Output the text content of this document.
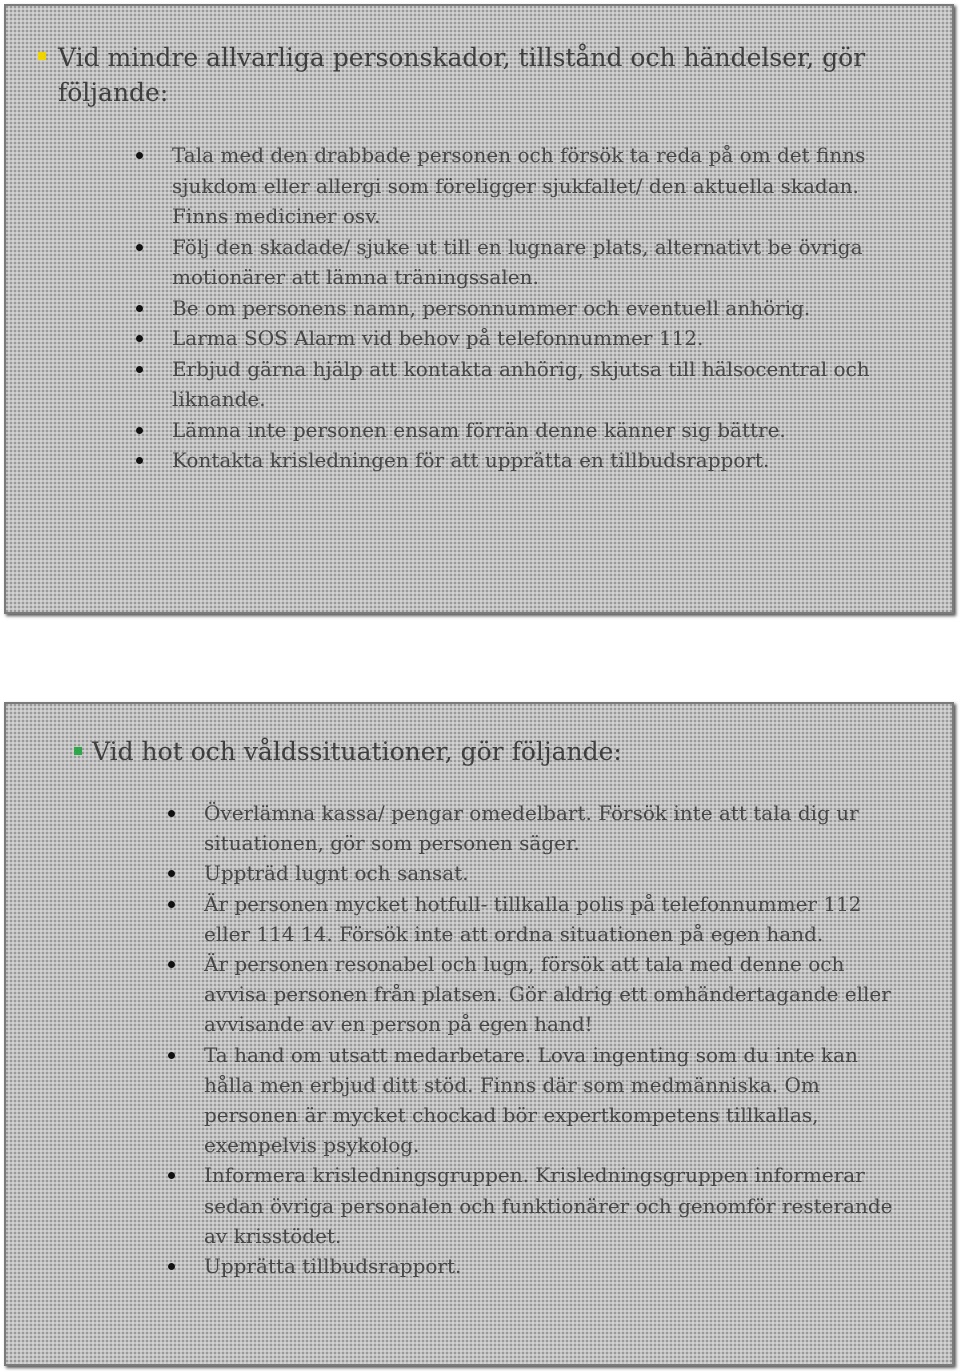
Vid mindre allvarliga personskador, tillstånd och händelser, gör följande:
Tala med den drabbade personen och försök ta reda på om det finns sjukdom eller allergi som föreligger sjukfallet/ den aktuella skadan. Finns mediciner osv.
Följ den skadade/ sjuke ut till en lugnare plats, alternativt be övriga motionärer att lämna träningssalen.
Be om personens namn, personnummer och eventuell anhörig.
Larma SOS Alarm vid behov på telefonnummer 112.
Erbjud gärna hjälp att kontakta anhörig, skjutsa till hälsocentral och liknande.
Lämna inte personen ensam förrän denne känner sig bättre.
Kontakta krisledningen för att upprätta en tillbudsrapport.
Vid hot och våldssituationer, gör följande:
Överlämna kassa/ pengar omedelbart. Försök inte att tala dig ur situationen, gör som personen säger.
Uppträd lugnt och sansat.
Är personen mycket hotfull- tillkalla polis på telefonnummer 112 eller 114 14. Försök inte att ordna situationen på egen hand.
Är personen resonabel och lugn, försök att tala med denne och avvisa personen från platsen. Gör aldrig ett omhändertagande eller avvisande av en person på egen hand!
Ta hand om utsatt medarbetare. Lova ingenting som du inte kan hålla men erbjud ditt stöd. Finns där som medmänniska. Om personen är mycket chockad bör expertkompetens tillkallas, exempelvis psykolog.
Informera krisledningsgruppen. Krisledningsgruppen informerar sedan övriga personalen och funktionärer och genomför resterande av krisstödet.
Upprätta tillbudsrapport.
